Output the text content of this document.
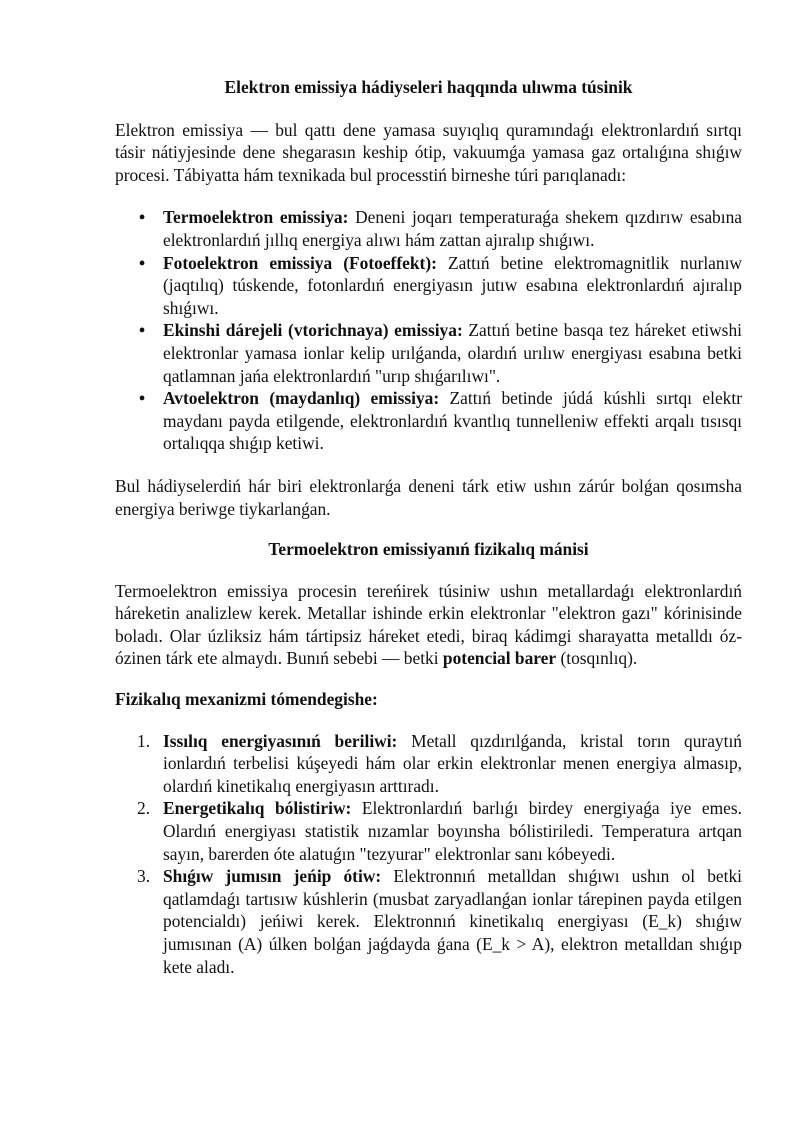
Elektron emissiya hádiyseleri haqqında ulıwma túsinik

Elektron emissiya — bul qattı dene yamasa suyıqlıq quramındaǵı elektronlardıń sırtqı tásir nátiyjesinde dene shegarasın keship ótip, vakuumǵa yamasa gaz ortalıǵına shıǵıw procesi. Tábiyatta hám texnikada bul processtiń birneshe túri parıqlanadı:

• Termoelektron emissiya: Deneni joqarı temperaturaǵa shekem qızdırıw esabına elektronlardıń jıllıq energiya alıwı hám zattan ajıralıp shıǵıwı.
• Fotoelektron emissiya (Fotoeffekt): Zattıń betine elektromagnitlik nurlanıw (jaqtılıq) túskende, fotonlardıń energiyasın jutıw esabına elektronlardıń ajıralıp shıǵıwı.
• Ekinshi dárejeli (vtorichnaya) emissiya: Zattıń betine basqa tez háreket etiwshi elektronlar yamasa ionlar kelip urılǵanda, olardıń urılıw energiyası esabına betki qatlamnan jańa elektronlardıń "urıp shıǵarılıwı".
• Avtoelektron (maydanlıq) emissiya: Zattıń betinde júdá kúshli sırtqı elektr maydanı payda etilgende, elektronlardıń kvantlıq tunnelleniw effekti arqalı tısısqı ortalıqqa shıǵıp ketiwi.

Bul hádiyselerdiń hár biri elektronlarǵa deneni tárk etiw ushın zárúr bolǵan qosımsha energiya beriwge tiykarlanǵan.

Termoelektron emissiyanıń fizikalıq mánisi

Termoelektron emissiya procesin tereńirek túsiniw ushın metallardaǵı elektronlardıń háreketin analizlew kerek. Metallar ishinde erkin elektronlar "elektron gazı" kórinisinde boladı. Olar úzliksiz hám tártipsiz háreket etedi, biraq kádimgi sharayatta metalldı óz-ózinen tárk ete almaydı. Bunıń sebebi — betki potencial barer (tosqınlıq).

Fizikalıq mexanizmi tómendegishe:
1. Issılıq energiyasınıń beriliwi: Metall qızdırılǵanda, kristal torın quraytıń ionlardıń terbelisi kúşeyedi hám olar erkin elektronlar menen energiya almasıp, olardıń kinetikalıq energiyasın arttıradı.
2. Energetikalıq bólistiriw: Elektronlardıń barlıǵı birdey energiyaǵa iye emes. Olardıń energiyası statistik nızamlar boyınsha bólistiriledi. Temperatura artqan sayın, barerden óte alatuǵın "tezyurar" elektronlar sanı kóbeyedi.
3. Shıǵıw jumısın jeńip ótiw: Elektronnıń metalldan shıǵıwı ushın ol betki qatlamdaǵı tartısıw kúshlerin (musbat zaryadlanǵan ionlar tárepinen payda etilgen potencialdı) jeńiwi kerek. Elektronnıń kinetikalıq energiyası (E_k) shıǵıw jumısınan (A) úlken bolǵan jaǵdayda ǵana (E_k > A), elektron metalldan shıǵıp kete aladı.
